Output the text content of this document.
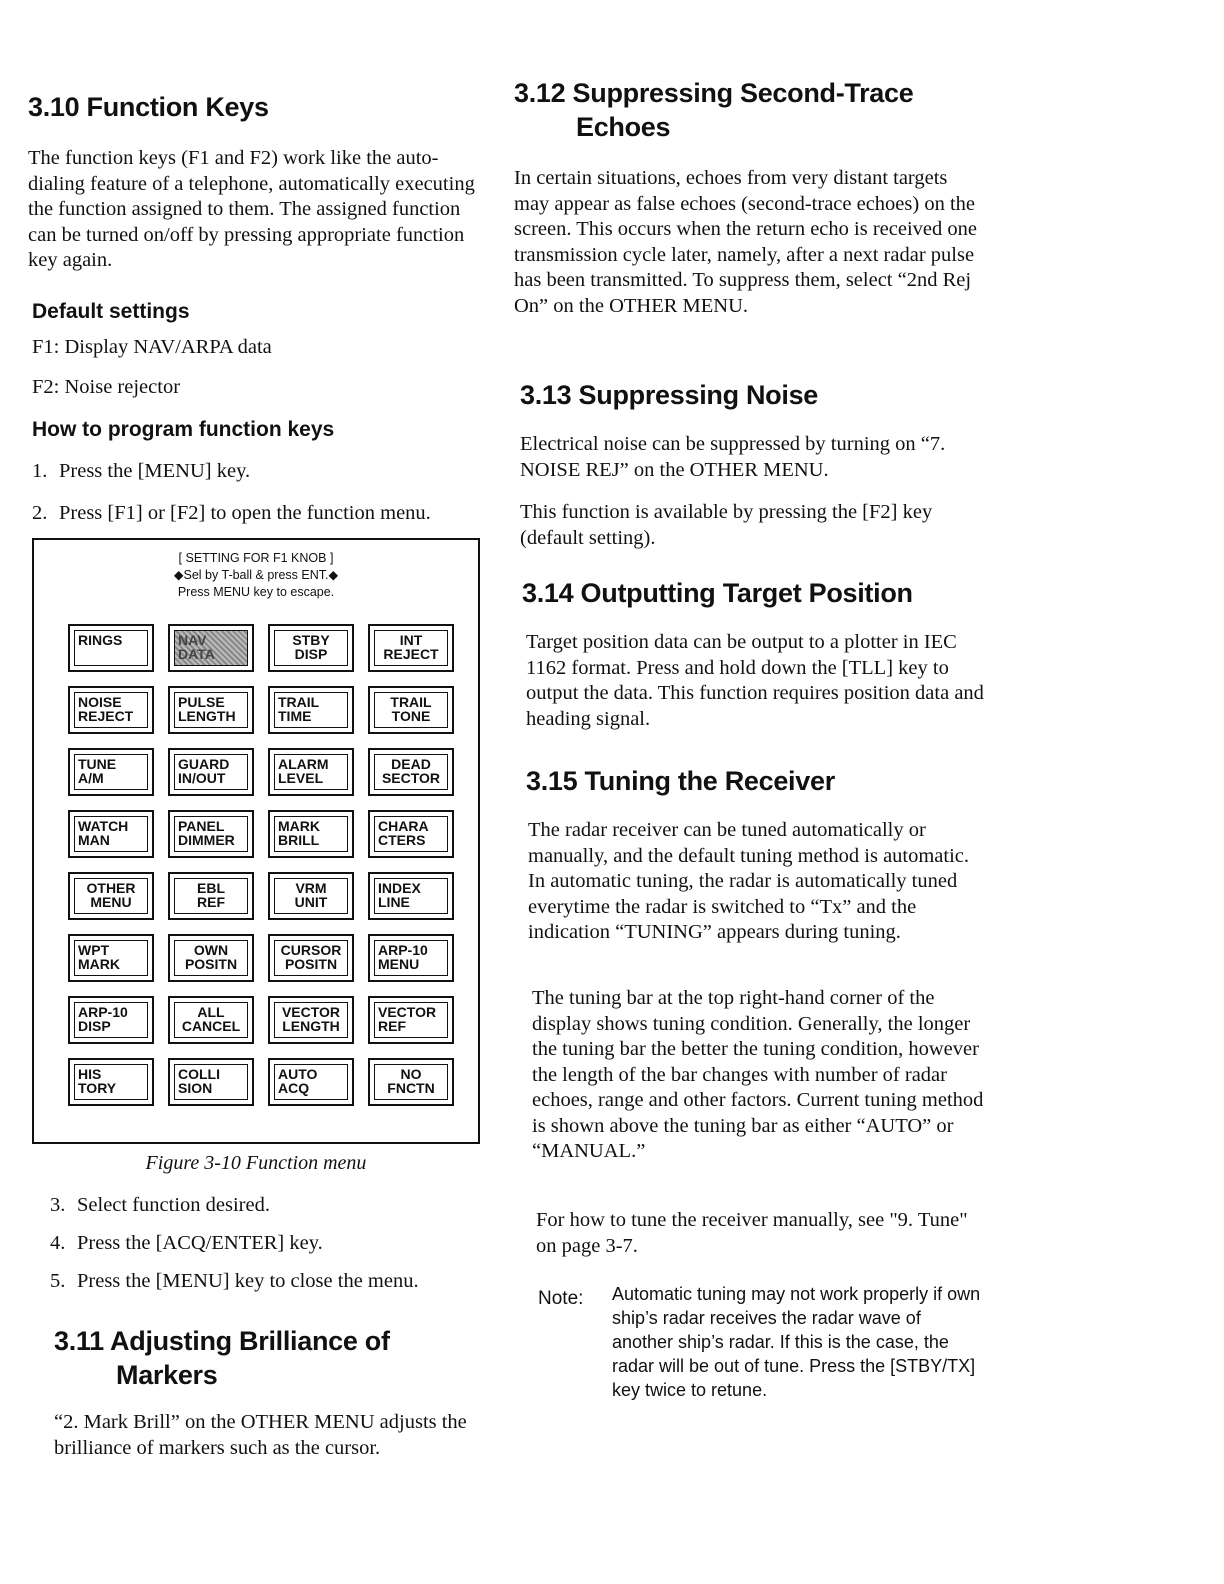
3.10 Function Keys

The function keys (F1 and F2) work like the auto-dialing feature of a telephone, automatically executing the function assigned to them. The assigned function can be turned on/off by pressing appropriate function key again.

Default settings
F1: Display NAV/ARPA data
F2: Noise rejector
How to program function keys
1. Press the [MENU] key.
2. Press [F1] or [F2] to open the function menu.
3. Select function desired.
4. Press the [ACQ/ENTER] key.
5. Press the [MENU] key to close the menu.
3.11 Adjusting Brilliance of
Markers

“2. Mark Brill” on the OTHER MENU adjusts the brilliance of markers such as the cursor.

[ SETTING FOR F1 KNOB ]
◆Sel by T-ball & press ENT.◆
Press MENU key to escape.
RINGS	NAV
DATA
STBY
DISP
INT
REJECT
NOISE
REJECT
PULSE
LENGTH
TRAIL
TIME
TRAIL
TONE
TUNE
A/M
GUARD
IN/OUT
ALARM
LEVEL
DEAD
SECTOR
WATCH
MAN
PANEL
DIMMER
MARK
BRILL
CHARA
CTERS
OTHER
MENU
EBL
REF
VRM
UNIT
INDEX
LINE
WPT
MARK
OWN
POSITN
CURSOR
POSITN
ARP-10
MENU
ARP-10
DISP
ALL
CANCEL
VECTOR
LENGTH
VECTOR
REF
HIS
TORY
COLLI
SION
AUTO
ACQ
NO
FNCTN
Figure 3-10 Function menu
3.12 Suppressing Second-Trace
Echoes

In certain situations, echoes from very distant targets may appear as false echoes (second-trace echoes) on the screen. This occurs when the return echo is received one transmission cycle later, namely, after a next radar pulse has been transmitted. To suppress them, select “2nd Rej On” on the OTHER MENU.

3.13 Suppressing Noise

Electrical noise can be suppressed by turning on “7. NOISE REJ” on the OTHER MENU.

This function is available by pressing the [F2] key (default setting).

3.14 Outputting Target Position

Target position data can be output to a plotter in IEC 1162 format. Press and hold down the [TLL] key to output the data. This function requires position data and heading signal.

3.15 Tuning the Receiver

The radar receiver can be tuned automatically or manually, and the default tuning method is automatic. In automatic tuning, the radar is automatically tuned everytime the radar is switched to “Tx” and the indication “TUNING” appears during tuning.

The tuning bar at the top right-hand corner of the display shows tuning condition. Generally, the longer the tuning bar the better the tuning condition, however the length of the bar changes with number of radar echoes, range and other factors. Current tuning method is shown above the tuning bar as either “AUTO” or “MANUAL.”

For how to tune the receiver manually, see "9. Tune" on page 3-7.

Note: Automatic tuning may not work properly if own ship’s radar receives the radar wave of another ship’s radar. If this is the case, the radar will be out of tune. Press the [STBY/TX] key twice to retune.
